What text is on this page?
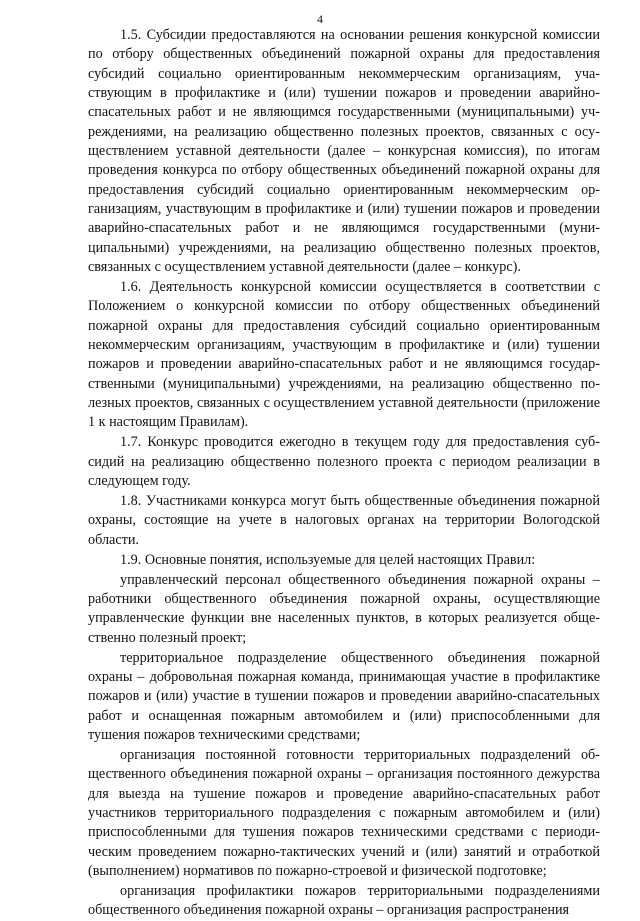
4

1.5. Субсидии предоставляются на основании решения конкурсной комиссии по отбору общественных объединений пожарной охраны для предоставления субсидий социально ориентированным некоммерческим организациям, участвующим в профилактике и (или) тушении пожаров и проведении аварийно-спасательных работ и не являющимся государственными (муниципальными) учреждениями, на реализацию общественно полезных проектов, связанных с осуществлением уставной деятельности (далее – конкурсная комиссия), по итогам проведения конкурса по отбору общественных объединений пожарной охраны для предоставления субсидий социально ориентированным некоммерческим организациям, участвующим в профилактике и (или) тушении пожаров и проведении аварийно-спасательных работ и не являющимся государственными (муниципальными) учреждениями, на реализацию общественно полезных проектов, связанных с осуществлением уставной деятельности (далее – конкурс).

1.6. Деятельность конкурсной комиссии осуществляется в соответствии с Положением о конкурсной комиссии по отбору общественных объединений пожарной охраны для предоставления субсидий социально ориентированным некоммерческим организациям, участвующим в профилактике и (или) тушении пожаров и проведении аварийно-спасательных работ и не являющимся государственными (муниципальными) учреждениями, на реализацию общественно полезных проектов, связанных с осуществлением уставной деятельности (приложение 1 к настоящим Правилам).

1.7. Конкурс проводится ежегодно в текущем году для предоставления субсидий на реализацию общественно полезного проекта с периодом реализации в следующем году.

1.8. Участниками конкурса могут быть общественные объединения пожарной охраны, состоящие на учете в налоговых органах на территории Вологодской области.

1.9. Основные понятия, используемые для целей настоящих Правил:

управленческий персонал общественного объединения пожарной охраны – работники общественного объединения пожарной охраны, осуществляющие управленческие функции вне населенных пунктов, в которых реализуется общественно полезный проект;

территориальное подразделение общественного объединения пожарной охраны – добровольная пожарная команда, принимающая участие в профилактике пожаров и (или) участие в тушении пожаров и проведении аварийно-спасательных работ и оснащенная пожарным автомобилем и (или) приспособленными для тушения пожаров техническими средствами;

организация постоянной готовности территориальных подразделений общественного объединения пожарной охраны – организация постоянного дежурства для выезда на тушение пожаров и проведение аварийно-спасательных работ участников территориального подразделения с пожарным автомобилем и (или) приспособленными для тушения пожаров техническими средствами с периодическим проведением пожарно-тактических учений и (или) занятий и отработкой (выполнением) нормативов по пожарно-строевой и физической подготовке;

организация профилактики пожаров территориальными подразделениями общественного объединения пожарной охраны – организация распространения
